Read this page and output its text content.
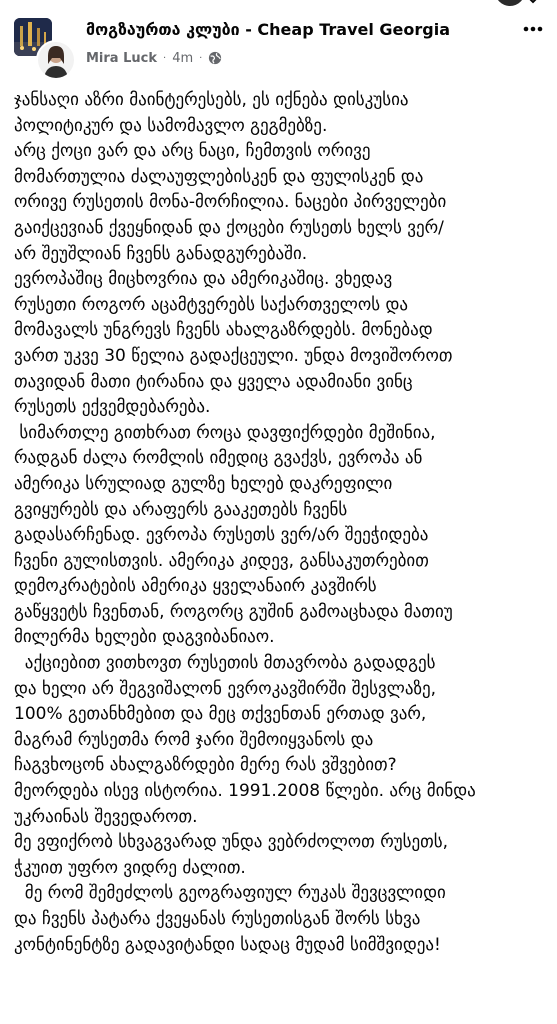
მოგზაურთა კლუბი - Cheap Travel Georgia
Mira Luck · 4m ·
ჯანსაღი აზრი მაინტერესებს, ეს იქნება დისკუსია
პოლიტიკურ და სამომავლო გეგმებზე.
არც ქოცი ვარ და არც ნაცი, ჩემთვის ორივე
მომართულია ძალაუფლებისკენ და ფულისკენ და
ორივე რუსეთის მონა-მორჩილია. ნაცები პირველები
გაიქცევიან ქვეყნიდან და ქოცები რუსეთს ხელს ვერ/
არ შეუშლიან ჩვენს განადგურებაში.
ევროპაშიც მიცხოვრია და ამერიკაშიც. ვხედავ
რუსეთი როგორ აცამტვერებს საქართველოს და
მომავალს უნგრევს ჩვენს ახალგაზრდებს. მონებად
ვართ უკვე 30 წელია გადაქცეული. უნდა მოვიშოროთ
თავიდან მათი ტირანია და ყველა ადამიანი ვინც
რუსეთს ექვემდებარება.
სიმართლე გითხრათ როცა დავფიქრდები მეშინია,
რადგან ძალა რომლის იმედიც გვაქვს, ევროპა ან
ამერიკა სრულიად გულზე ხელებ დაკრეფილი
გვიყურებს და არაფერს გააკეთებს ჩვენს
გადასარჩენად. ევროპა რუსეთს ვერ/არ შეეჭიდება
ჩვენი გულისთვის. ამერიკა კიდევ, განსაკუთრებით
დემოკრატების ამერიკა ყველანაირ კავშირს
გაწყვეტს ჩვენთან, როგორც გუშინ გამოაცხადა მათიუ
მილერმა ხელები დაგვიბანიაო.
აქციებით ვითხოვთ რუსეთის მთავრობა გადადგეს
და ხელი არ შეგვიშალონ ევროკავშირში შესვლაზე,
100% გეთანხმებით და მეც თქვენთან ერთად ვარ,
მაგრამ რუსეთმა რომ ჯარი შემოიყვანოს და
ჩაგვხოცონ ახალგაზრდები მერე რას ვშვებით?
მეორდება ისევ ისტორია. 1991.2008 წლები. არც მინდა
უკრაინას შევედაროთ.
მე ვფიქრობ სხვაგვარად უნდა ვებრძოლოთ რუსეთს,
ჭკუით უფრო ვიდრე ძალით.
მე რომ შემეძლოს გეოგრაფიულ რუკას შევცვლიდი
და ჩვენს პატარა ქვეყანას რუსეთისგან შორს სხვა
კონტინენტზე გადავიტანდი სადაც მუდამ სიმშვიდეა!
